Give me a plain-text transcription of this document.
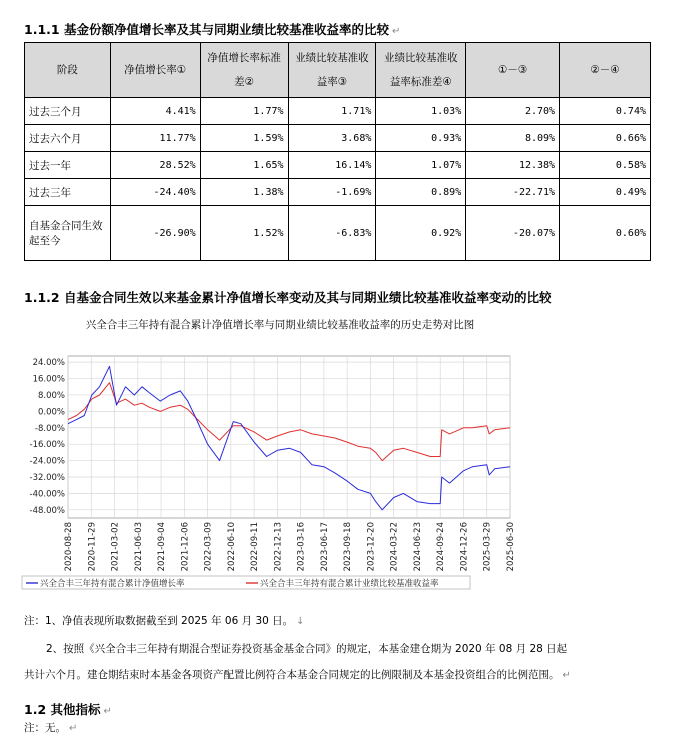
1.1.1 基金份额净值增长率及其与同期业绩比较基准收益率的比较 ↵
阶段	净值增长率①	净值增长率标准差②	业绩比较基准收益率③	业绩比较基准收益率标准差④	①－③	②－④
过去三个月	4.41%	1.77%	1.71%	1.03%	2.70%	0.74%
过去六个月	11.77%	1.59%	3.68%	0.93%	8.09%	0.66%
过去一年	28.52%	1.65%	16.14%	1.07%	12.38%	0.58%
过去三年	-24.40%	1.38%	-1.69%	0.89%	-22.71%	0.49%
自基金合同生效起至今	-26.90%	1.52%	-6.83%	0.92%	-20.07%	0.60%
1.1.2 自基金合同生效以来基金累计净值增长率变动及其与同期业绩比较基准收益率变动的比较
兴全合丰三年持有混合累计净值增长率与同期业绩比较基准收益率的历史走势对比图
24.00%
16.00%
8.00%
0.00%
-8.00%
-16.00%
-24.00%
-32.00%
-40.00%
-48.00%
2020-08-28 2020-11-29 2021-03-02 2021-06-03 2021-09-04 2021-12-06 2022-03-09 2022-06-10 2022-09-11 2022-12-13 2023-03-16 2023-06-17 2023-09-18 2023-12-20 2024-03-22 2024-06-23 2024-09-24 2024-12-26 2025-03-29 2025-06-30
兴全合丰三年持有混合累计净值增长率	兴全合丰三年持有混合累计业绩比较基准收益率
注：1、净值表现所取数据截至到 2025 年 06 月 30 日。 ↓
2、按照《兴全合丰三年持有期混合型证券投资基金基金合同》的规定，本基金建仓期为 2020 年 08 月 28 日起
共计六个月。建仓期结束时本基金各项资产配置比例符合本基金合同规定的比例限制及本基金投资组合的比例范围。 ↵
1.2 其他指标 ↵
注：无。 ↵
